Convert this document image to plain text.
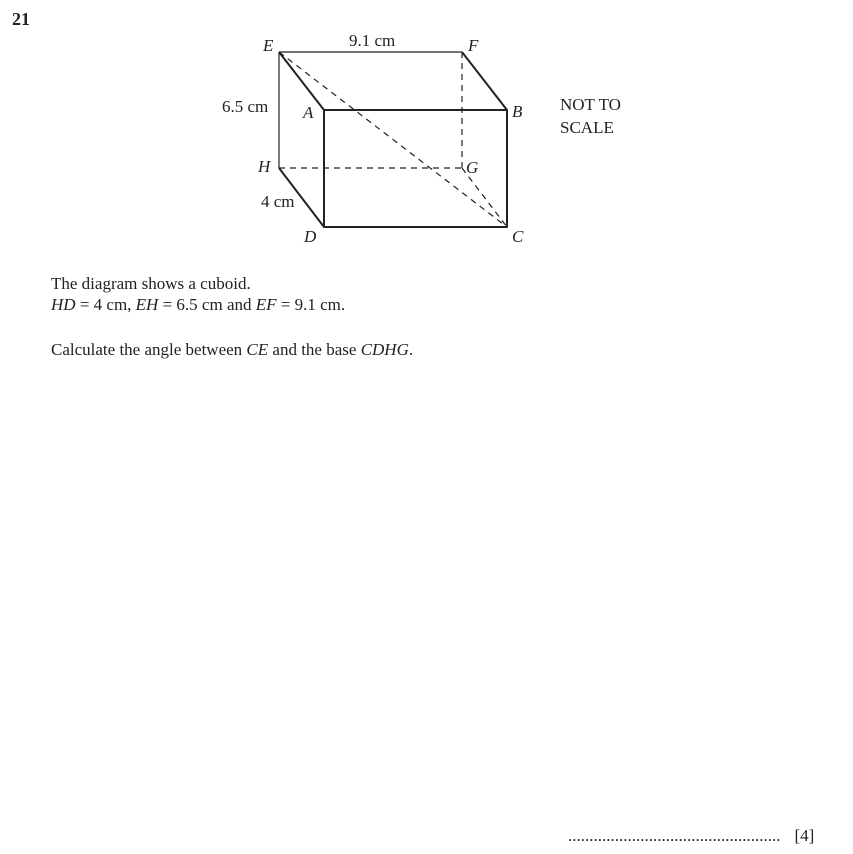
21
E	F
A	B
H	G
D	C
9.1 cm
6.5 cm
4 cm
NOT TO
SCALE

The diagram shows a cuboid.
HD = 4 cm, EH = 6.5 cm and EF = 9.1 cm.

Calculate the angle between CE and the base CDHG.

.................................................. [4]
